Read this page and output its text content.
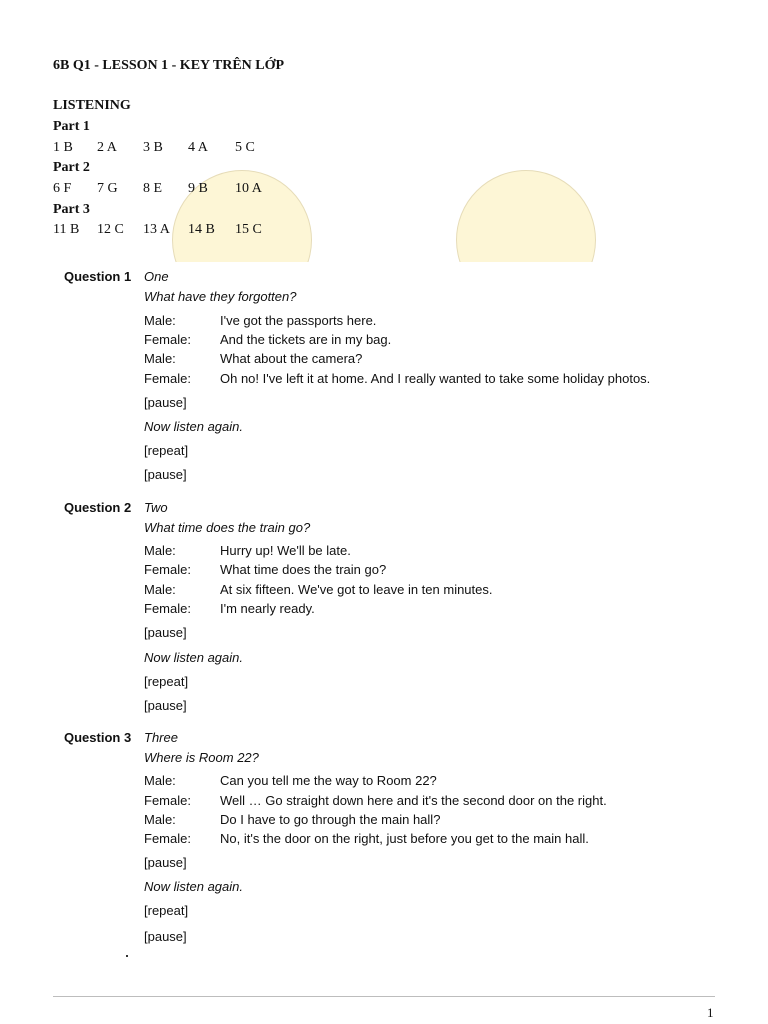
6B Q1 - LESSON 1 - KEY TRÊN LỚP
LISTENING
Part 1
1 B 2 A 3 B 4 A 5 C
Part 2
6 F 7 G 8 E 9 B 10 A
Part 3
11 B 12 C 13 A 14 B 15 C
Question 1 One
What have they forgotten?
Male:	I've got the passports here.
Female: And the tickets are in my bag.
Male:	What about the camera?
Female: Oh no! I've left it at home. And I really wanted to take some holiday photos.
[pause]
Now listen again.
[repeat]
[pause]
Question 2 Two
What time does the train go?
Male:	Hurry up! We'll be late.
Female: What time does the train go?
Male:	At six fifteen. We've got to leave in ten minutes.
Female: I'm nearly ready.
[pause]
Now listen again.
[repeat]
[pause]
Question 3 Three
Where is Room 22?
Male:	Can you tell me the way to Room 22?
Female: Well … Go straight down here and it's the second door on the right.
Male:	Do I have to go through the main hall?
Female: No, it's the door on the right, just before you get to the main hall.
[pause]
Now listen again.
[repeat]
[pause]
1
